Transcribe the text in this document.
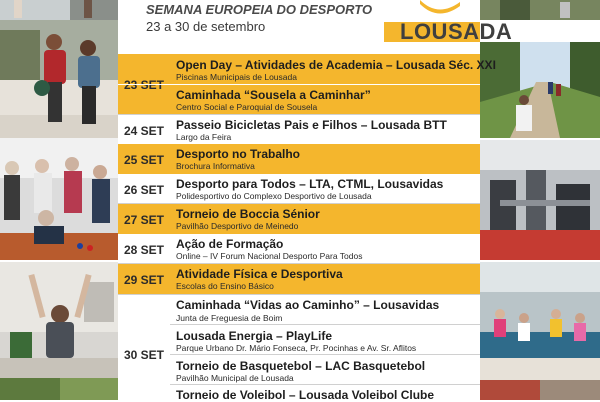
SEMANA EUROPEIA DO DESPORTO
23 a 30 de setembro	LOUSADA
23 SET
Open Day – Atividades de Academia – Lousada Séc. XXI
Piscinas Municipais de Lousada
Caminhada “Sousela a Caminhar”
Centro Social e Paroquial de Sousela
24 SET Passeio Bicicletas Pais e Filhos – Lousada BTT
Largo da Feira
25 SET Desporto no Trabalho
Brochura Informativa
26 SET Desporto para Todos – LTA, CTML, Lousavidas
Polidesportivo do Complexo Desportivo de Lousada
27 SET Torneio de Boccia Sénior
Pavilhão Desportivo de Meinedo
28 SET Ação de Formação
Online – IV Forum Nacional Desporto Para Todos
29 SET Atividade Física e Desportiva
Escolas do Ensino Básico
30 SET
Caminhada “Vidas ao Caminho” – Lousavidas
Junta de Freguesia de Boim
Lousada Energia – PlayLife
Parque Urbano Dr. Mário Fonseca, Pr. Pocinhas e Av. Sr. Aflitos
Torneio de Basquetebol – LAC Basquetebol
Pavilhão Municipal de Lousada
Torneio de Voleibol – Lousada Voleibol Clube
